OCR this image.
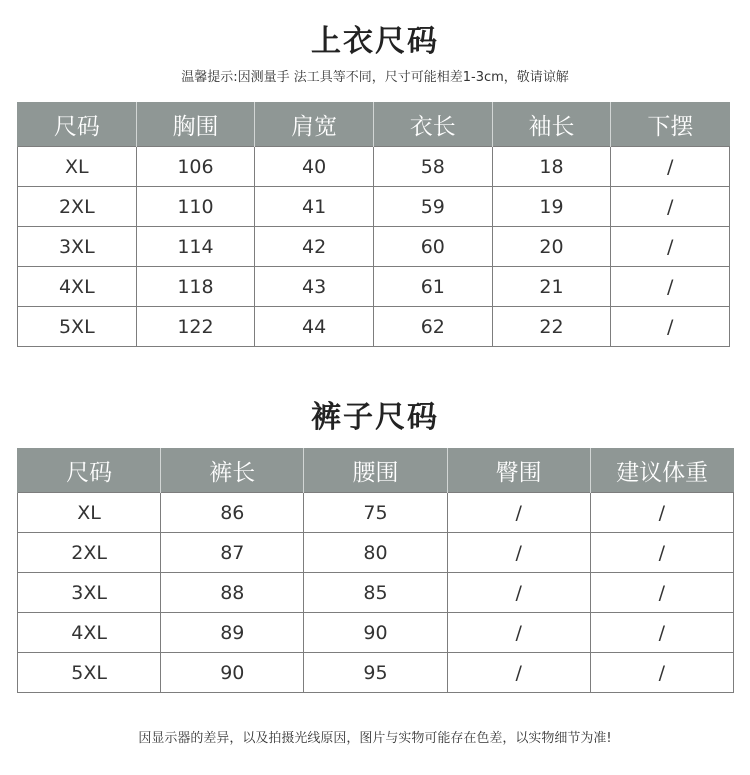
上衣尺码
温馨提示:因测量手 法工具等不同，尺寸可能相差1-3cm，敬请谅解
尺码	胸围	肩宽	衣长	袖长	下摆
XL	106	40	58	18	/
2XL	110	41	59	19	/
3XL	114	42	60	20	/
4XL	118	43	61	21	/
5XL	122	44	62	22	/
裤子尺码
尺码	裤长	腰围	臀围	建议体重
XL	86	75	/	/
2XL	87	80	/	/
3XL	88	85	/	/
4XL	89	90	/	/
5XL	90	95	/	/
因显示器的差异，以及拍摄光线原因，图片与实物可能存在色差，以实物细节为准!
